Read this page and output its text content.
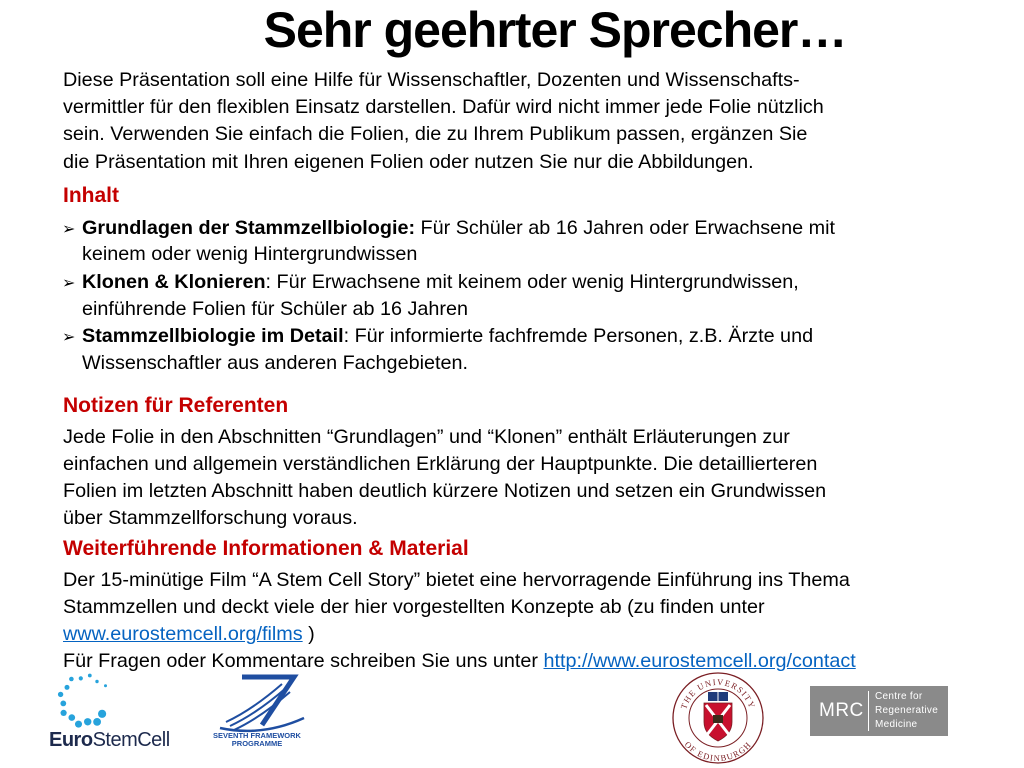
Sehr geehrter Sprecher…
Diese Präsentation soll eine Hilfe für Wissenschaftler, Dozenten und Wissenschafts-
vermittler für den flexiblen Einsatz darstellen. Dafür wird nicht immer jede Folie nützlich
sein. Verwenden Sie einfach die Folien, die zu Ihrem Publikum passen, ergänzen Sie
die Präsentation mit Ihren eigenen Folien oder nutzen Sie nur die Abbildungen.
Inhalt
➢ Grundlagen der Stammzellbiologie: Für Schüler ab 16 Jahren oder Erwachsene mit
keinem oder wenig Hintergrundwissen
➢ Klonen & Klonieren: Für Erwachsene mit keinem oder wenig Hintergrundwissen,
einführende Folien für Schüler ab 16 Jahren
➢ Stammzellbiologie im Detail: Für informierte fachfremde Personen, z.B. Ärzte und
Wissenschaftler aus anderen Fachgebieten.
Notizen für Referenten
Jede Folie in den Abschnitten “Grundlagen” und “Klonen” enthält Erläuterungen zur
einfachen und allgemein verständlichen Erklärung der Hauptpunkte. Die detaillierteren
Folien im letzten Abschnitt haben deutlich kürzere Notizen und setzen ein Grundwissen
über Stammzellforschung voraus.
Weiterführende Informationen & Material
Der 15-minütige Film “A Stem Cell Story” bietet eine hervorragende Einführung ins Thema
Stammzellen und deckt viele der hier vorgestellten Konzepte ab (zu finden unter
www.eurostemcell.org/films )
Für Fragen oder Kommentare schreiben Sie uns unter http://www.eurostemcell.org/contact
EuroStemCell	SEVENTH FRAMEWORK
PROGRAMME
THE UNIVERSITY
OF EDINBURGH
MRC
Centre for
Regenerative
Medicine
